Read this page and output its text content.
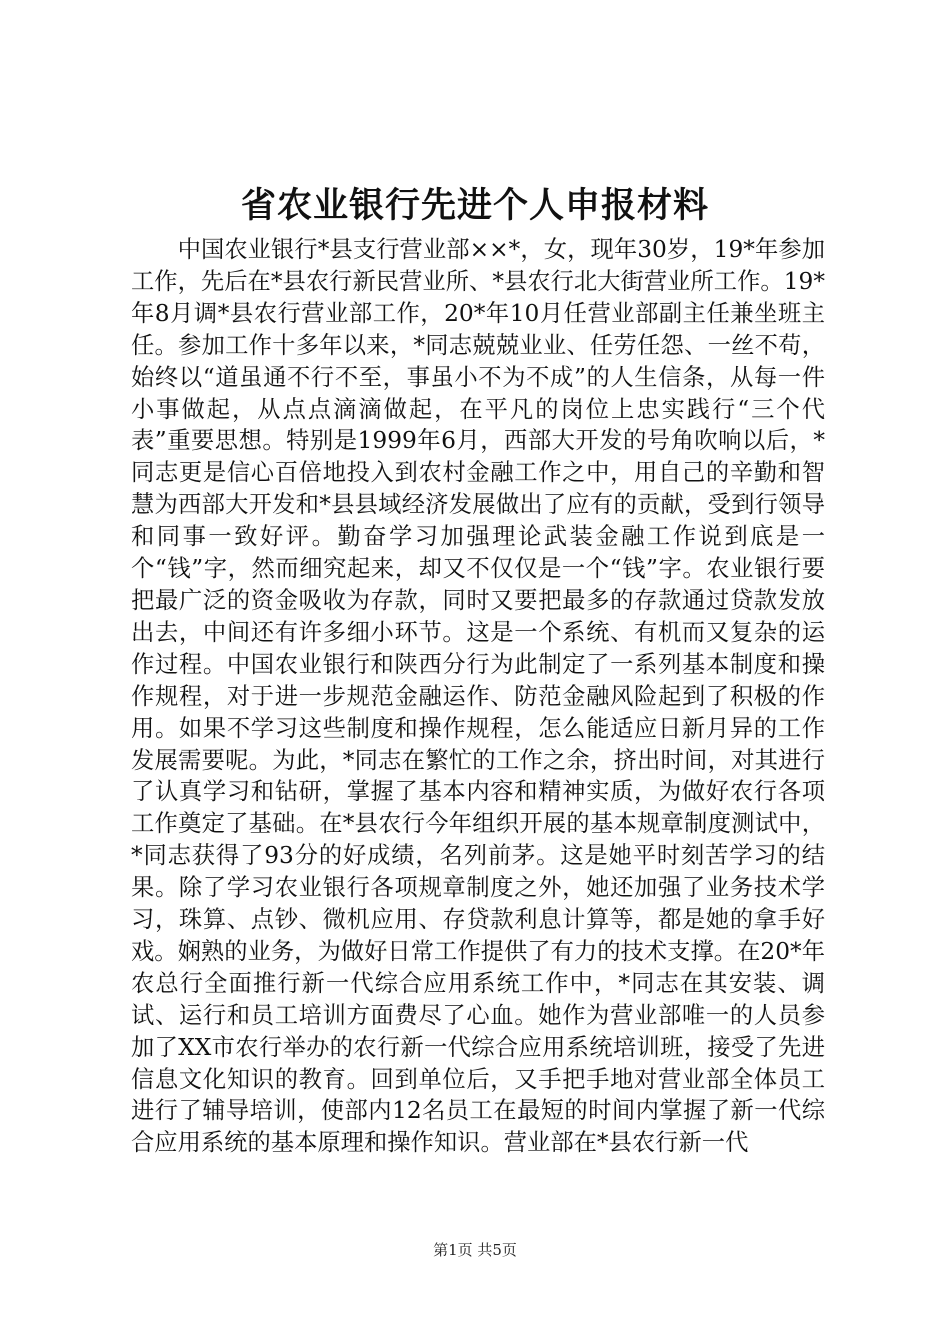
省农业银行先进个人申报材料

中国农业银行*县支行营业部××*，女，现年30岁，19*年参加工作，先后在*县农行新民营业所、*县农行北大街营业所工作。19*年8月调*县农行营业部工作，20*年10月任营业部副主任兼坐班主任。参加工作十多年以来，*同志兢兢业业、任劳任怨、一丝不苟，始终以“道虽通不行不至，事虽小不为不成”的人生信条，从每一件小事做起，从点点滴滴做起，在平凡的岗位上忠实践行“三个代表”重要思想。特别是1999年6月，西部大开发的号角吹响以后，*同志更是信心百倍地投入到农村金融工作之中，用自己的辛勤和智慧为西部大开发和*县县域经济发展做出了应有的贡献，受到行领导和同事一致好评。勤奋学习加强理论武装金融工作说到底是一个“钱”字，然而细究起来，却又不仅仅是一个“钱”字。农业银行要把最广泛的资金吸收为存款，同时又要把最多的存款通过贷款发放出去，中间还有许多细小环节。这是一个系统、有机而又复杂的运作过程。中国农业银行和陕西分行为此制定了一系列基本制度和操作规程，对于进一步规范金融运作、防范金融风险起到了积极的作用。如果不学习这些制度和操作规程，怎么能适应日新月异的工作发展需要呢。为此，*同志在繁忙的工作之余，挤出时间，对其进行了认真学习和钻研，掌握了基本内容和精神实质，为做好农行各项工作奠定了基础。在*县农行今年组织开展的基本规章制度测试中，*同志获得了93分的好成绩，名列前茅。这是她平时刻苦学习的结果。除了学习农业银行各项规章制度之外，她还加强了业务技术学习，珠算、点钞、微机应用、存贷款利息计算等，都是她的拿手好戏。娴熟的业务，为做好日常工作提供了有力的技术支撑。在20*年农总行全面推行新一代综合应用系统工作中，*同志在其安装、调试、运行和员工培训方面费尽了心血。她作为营业部唯一的人员参加了XX市农行举办的农行新一代综合应用系统培训班，接受了先进信息文化知识的教育。回到单位后，又手把手地对营业部全体员工进行了辅导培训，使部内12名员工在最短的时间内掌握了新一代综合应用系统的基本原理和操作知识。营业部在*县农行新一代

第1页 共5页
